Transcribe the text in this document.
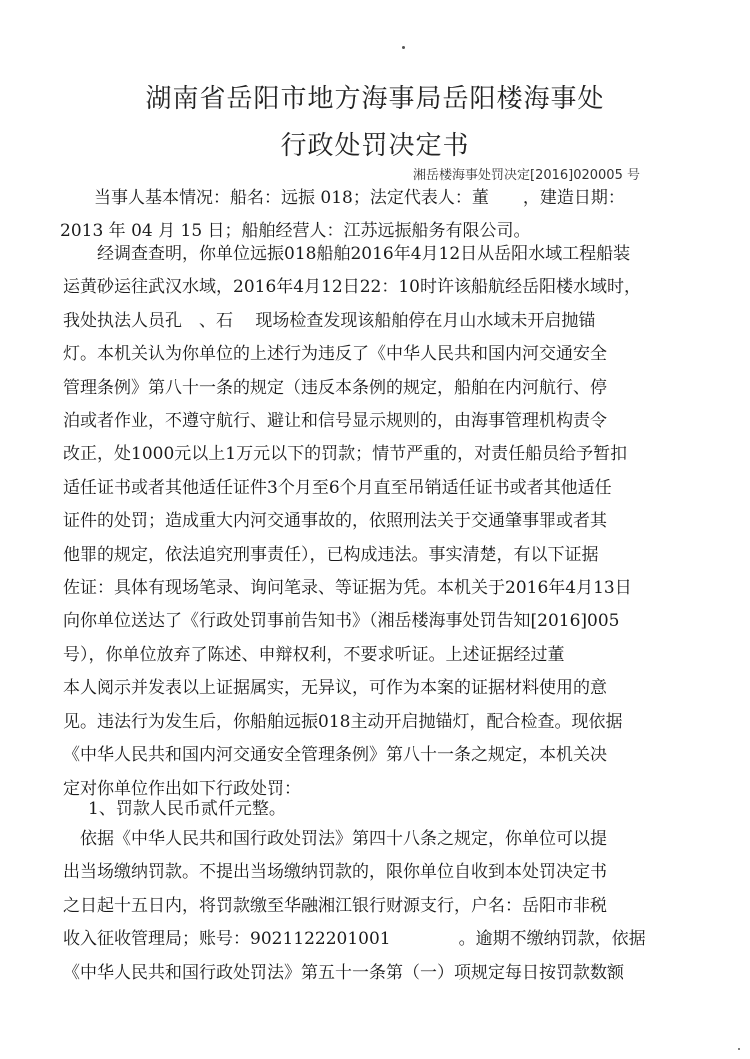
湖南省岳阳市地方海事局岳阳楼海事处
行政处罚决定书
湘岳楼海事处罚决定[2016]020005 号
　　当事人基本情况：船名：远振 018；法定代表人：董　　，建造日期：
2013 年 04 月 15 日；船舶经营人：江苏远振船务有限公司。
　　经调查查明，你单位远振018船舶2016年4月12日从岳阳水域工程船装
运黄砂运往武汉水域，2016年4月12日22：10时许该船航经岳阳楼水域时，
我处执法人员孔　、石　 现场检查发现该船舶停在月山水域未开启抛锚
灯。本机关认为你单位的上述行为违反了《中华人民共和国内河交通安全
管理条例》第八十一条的规定（违反本条例的规定，船舶在内河航行、停
泊或者作业，不遵守航行、避让和信号显示规则的，由海事管理机构责令
改正，处1000元以上1万元以下的罚款；情节严重的，对责任船员给予暂扣
适任证书或者其他适任证件3个月至6个月直至吊销适任证书或者其他适任
证件的处罚；造成重大内河交通事故的，依照刑法关于交通肇事罪或者其
他罪的规定，依法追究刑事责任），已构成违法。事实清楚，有以下证据
佐证：具体有现场笔录、询问笔录、等证据为凭。本机关于2016年4月13日
向你单位送达了《行政处罚事前告知书》（湘岳楼海事处罚告知[2016]005
号），你单位放弃了陈述、申辩权利，不要求听证。上述证据经过董
本人阅示并发表以上证据属实，无异议，可作为本案的证据材料使用的意
见。违法行为发生后，你船舶远振018主动开启抛锚灯，配合检查。现依据
《中华人民共和国内河交通安全管理条例》第八十一条之规定，本机关决
定对你单位作出如下行政处罚：
1、罚款人民币贰仟元整。
　依据《中华人民共和国行政处罚法》第四十八条之规定，你单位可以提
出当场缴纳罚款。不提出当场缴纳罚款的，限你单位自收到本处罚决定书
之日起十五日内，将罚款缴至华融湘江银行财源支行，户名：岳阳市非税
收入征收管理局；账号：9021122201001　　　　。逾期不缴纳罚款，依据
《中华人民共和国行政处罚法》第五十一条第（一）项规定每日按罚款数额
